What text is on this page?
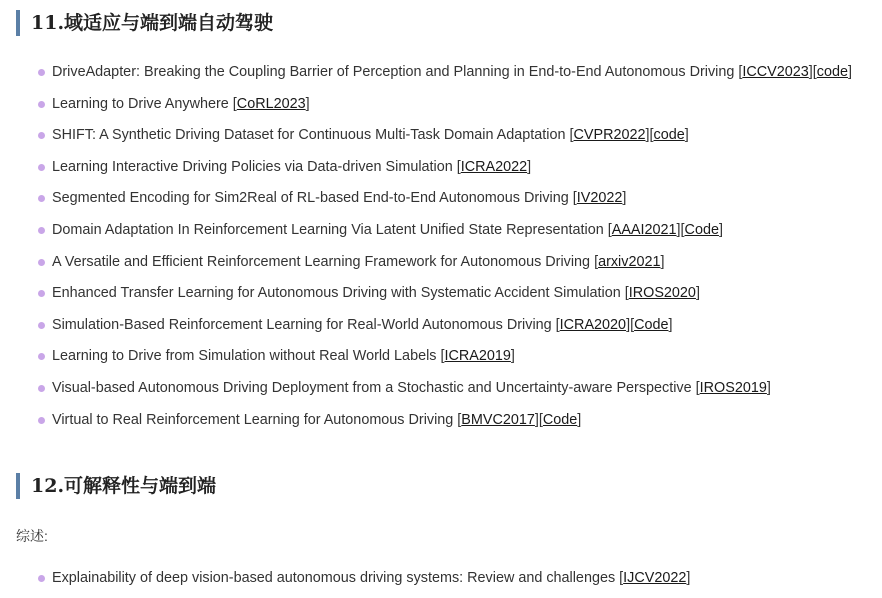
11.域适应与端到端自动驾驶
DriveAdapter: Breaking the Coupling Barrier of Perception and Planning in End-to-End Autonomous Driving [ICCV2023][code]
Learning to Drive Anywhere [CoRL2023]
SHIFT: A Synthetic Driving Dataset for Continuous Multi-Task Domain Adaptation [CVPR2022][code]
Learning Interactive Driving Policies via Data-driven Simulation [ICRA2022]
Segmented Encoding for Sim2Real of RL-based End-to-End Autonomous Driving [IV2022]
Domain Adaptation In Reinforcement Learning Via Latent Unified State Representation [AAAI2021][Code]
A Versatile and Efficient Reinforcement Learning Framework for Autonomous Driving [arxiv2021]
Enhanced Transfer Learning for Autonomous Driving with Systematic Accident Simulation [IROS2020]
Simulation-Based Reinforcement Learning for Real-World Autonomous Driving [ICRA2020][Code]
Learning to Drive from Simulation without Real World Labels [ICRA2019]
Visual-based Autonomous Driving Deployment from a Stochastic and Uncertainty-aware Perspective [IROS2019]
Virtual to Real Reinforcement Learning for Autonomous Driving [BMVC2017][Code]
12.可解释性与端到端
综述:
Explainability of deep vision-based autonomous driving systems: Review and challenges [IJCV2022]
